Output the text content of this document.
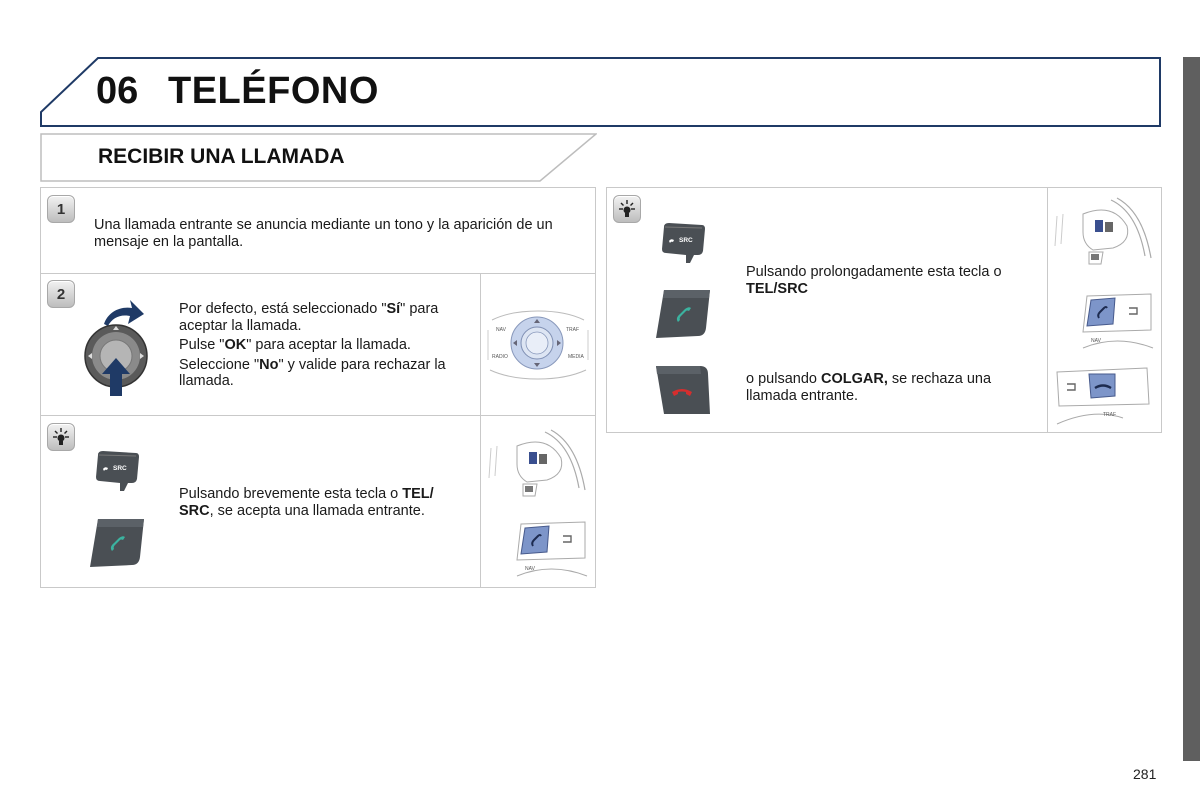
06 TELÉFONO
RECIBIR UNA LLAMADA
1
Una llamada entrante se anuncia mediante un tono y la aparición de un mensaje en la pantalla.
2

Por defecto, está seleccionado "Sí" para aceptar la llamada.

Pulse "OK" para aceptar la llamada.

Seleccione "No" y valide para rechazar la llamada.

NAV	TRAF
RADIO	MEDIA
SRC
Pulsando brevemente esta tecla o TEL/ SRC, se acepta una llamada entrante.
NAV
SRC
Pulsando prolongadamente esta tecla o TEL/SRC
o pulsando COLGAR, se rechaza una llamada entrante.
NAV
TRAF
281
